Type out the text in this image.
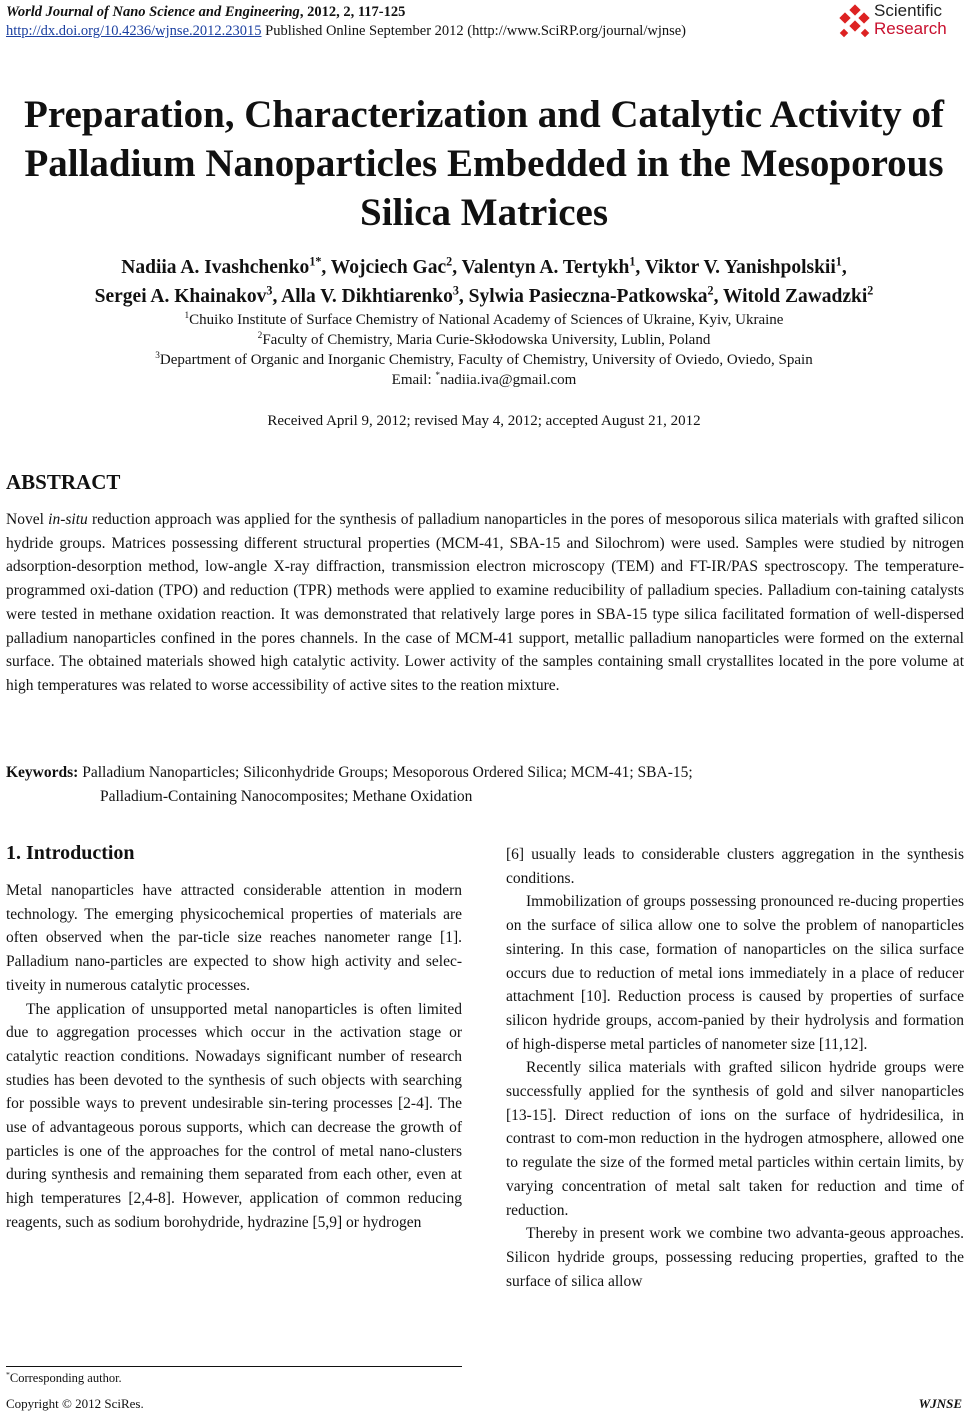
World Journal of Nano Science and Engineering, 2012, 2, 117-125
http://dx.doi.org/10.4236/wjnse.2012.23015 Published Online September 2012 (http://www.SciRP.org/journal/wjnse)
Scientific
Research
Preparation, Characterization and Catalytic Activity of
Palladium Nanoparticles Embedded in the Mesoporous
Silica Matrices
Nadiia A. Ivashchenko$^{1*}$, Wojciech Gac$^2$, Valentyn A. Tertykh$^1$, Viktor V. Yanishpolskii$^1$,
Sergei A. Khainakov$^3$, Alla V. Dikhtiarenko$^3$, Sylwia Pasieczna-Patkowska$^2$, Witold Zawadzki$^2$
$^1$Chuiko Institute of Surface Chemistry of National Academy of Sciences of Ukraine, Kyiv, Ukraine
$^2$Faculty of Chemistry, Maria Curie-Skłodowska University, Lublin, Poland
$^3$Department of Organic and Inorganic Chemistry, Faculty of Chemistry, University of Oviedo, Oviedo, Spain
Email: *nadiia.iva@gmail.com
Received April 9, 2012; revised May 4, 2012; accepted August 21, 2012
ABSTRACT
Novel in-situ reduction approach was applied for the synthesis of palladium nanoparticles in the pores of mesoporous silica materials with grafted silicon hydride groups. Matrices possessing different structural properties (MCM-41, SBA-15 and Silochrom) were used. Samples were studied by nitrogen adsorption-desorption method, low-angle X-ray diffraction, transmission electron microscopy (TEM) and FT-IR/PAS spectroscopy. The temperature-programmed oxi-dation (TPO) and reduction (TPR) methods were applied to examine reducibility of palladium species. Palladium con-taining catalysts were tested in methane oxidation reaction. It was demonstrated that relatively large pores in SBA-15 type silica facilitated formation of well-dispersed palladium nanoparticles confined in the pores channels. In the case of MCM-41 support, metallic palladium nanoparticles were formed on the external surface. The obtained materials showed high catalytic activity. Lower activity of the samples containing small crystallites located in the pore volume at high temperatures was related to worse accessibility of active sites to the reation mixture.
Keywords: Palladium Nanoparticles; Siliconhydride Groups; Mesoporous Ordered Silica; MCM-41; SBA-15;
Palladium-Containing Nanocomposites; Methane Oxidation
1. Introduction

Metal nanoparticles have attracted considerable attention in modern technology. The emerging physicochemical properties of materials are often observed when the par-ticle size reaches nanometer range [1]. Palladium nano-particles are expected to show high activity and selec-tiveity in numerous catalytic processes.

The application of unsupported metal nanoparticles is often limited due to aggregation processes which occur in the activation stage or catalytic reaction conditions. Nowadays significant number of research studies has been devoted to the synthesis of such objects with searching for possible ways to prevent undesirable sin-tering processes [2-4]. The use of advantageous porous supports, which can decrease the growth of particles is one of the approaches for the control of metal nano-clusters during synthesis and remaining them separated from each other, even at high temperatures [2,4-8]. However, application of common reducing reagents, such as sodium borohydride, hydrazine [5,9] or hydrogen

[6] usually leads to considerable clusters aggregation in the synthesis conditions.

Immobilization of groups possessing pronounced re-ducing properties on the surface of silica allow one to solve the problem of nanoparticles sintering. In this case, formation of nanoparticles on the silica surface occurs due to reduction of metal ions immediately in a place of reducer attachment [10]. Reduction process is caused by properties of surface silicon hydride groups, accom-panied by their hydrolysis and formation of high-disperse metal particles of nanometer size [11,12].

Recently silica materials with grafted silicon hydride groups were successfully applied for the synthesis of gold and silver nanoparticles [13-15]. Direct reduction of ions on the surface of hydridesilica, in contrast to com-mon reduction in the hydrogen atmosphere, allowed one to regulate the size of the formed metal particles within certain limits, by varying concentration of metal salt taken for reduction and time of reduction.

Thereby in present work we combine two advanta-geous approaches. Silicon hydride groups, possessing reducing properties, grafted to the surface of silica allow

*Corresponding author.
Copyright © 2012 SciRes.	WJNSE
